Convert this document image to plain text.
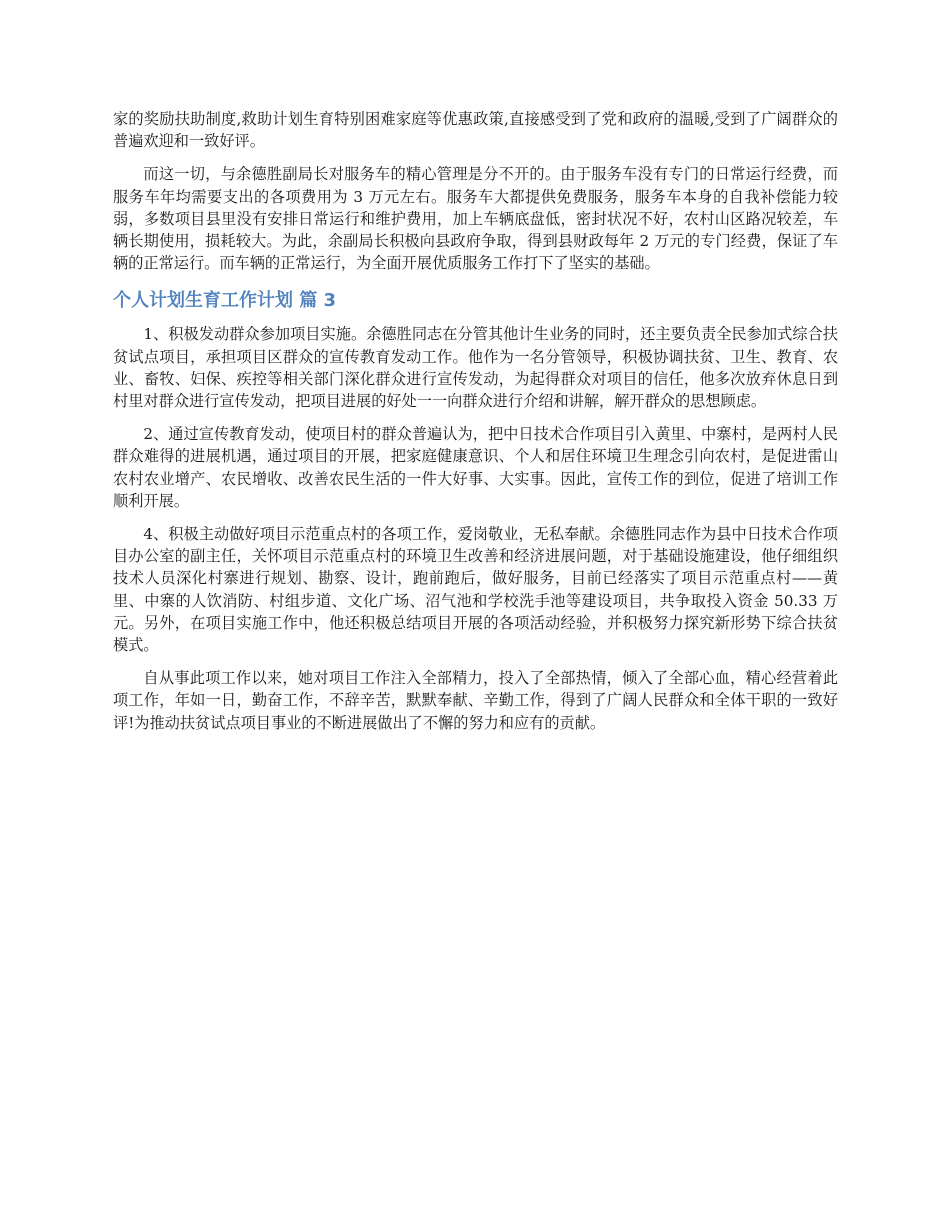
家的奖励扶助制度,救助计划生育特别困难家庭等优惠政策,直接感受到了党和政府的温暖,受到了广阔群众的普遍欢迎和一致好评。

而这一切，与余德胜副局长对服务车的精心管理是分不开的。由于服务车没有专门的日常运行经费，而服务车年均需要支出的各项费用为 3 万元左右。服务车大都提供免费服务，服务车本身的自我补偿能力较弱，多数项目县里没有安排日常运行和维护费用，加上车辆底盘低，密封状况不好，农村山区路况较差，车辆长期使用，损耗较大。为此，余副局长积极向县政府争取，得到县财政每年 2 万元的专门经费，保证了车辆的正常运行。而车辆的正常运行，为全面开展优质服务工作打下了坚实的基础。

个人计划生育工作计划 篇 3

1、积极发动群众参加项目实施。余德胜同志在分管其他计生业务的同时，还主要负责全民参加式综合扶贫试点项目，承担项目区群众的宣传教育发动工作。他作为一名分管领导，积极协调扶贫、卫生、教育、农业、畜牧、妇保、疾控等相关部门深化群众进行宣传发动，为起得群众对项目的信任，他多次放弃休息日到村里对群众进行宣传发动，把项目进展的好处一一向群众进行介绍和讲解，解开群众的思想顾虑。

2、通过宣传教育发动，使项目村的群众普遍认为，把中日技术合作项目引入黄里、中寨村，是两村人民群众难得的进展机遇，通过项目的开展，把家庭健康意识、个人和居住环境卫生理念引向农村，是促进雷山农村农业增产、农民增收、改善农民生活的一件大好事、大实事。因此，宣传工作的到位，促进了培训工作顺利开展。

4、积极主动做好项目示范重点村的各项工作，爱岗敬业，无私奉献。余德胜同志作为县中日技术合作项目办公室的副主任，关怀项目示范重点村的环境卫生改善和经济进展问题，对于基础设施建设，他仔细组织技术人员深化村寨进行规划、勘察、设计，跑前跑后，做好服务，目前已经落实了项目示范重点村——黄里、中寨的人饮消防、村组步道、文化广场、沼气池和学校洗手池等建设项目，共争取投入资金 50.33 万元。另外，在项目实施工作中，他还积极总结项目开展的各项活动经验，并积极努力探究新形势下综合扶贫模式。

自从事此项工作以来，她对项目工作注入全部精力，投入了全部热情，倾入了全部心血，精心经营着此项工作，年如一日，勤奋工作，不辞辛苦，默默奉献、辛勤工作，得到了广阔人民群众和全体干职的一致好评!为推动扶贫试点项目事业的不断进展做出了不懈的努力和应有的贡献。
